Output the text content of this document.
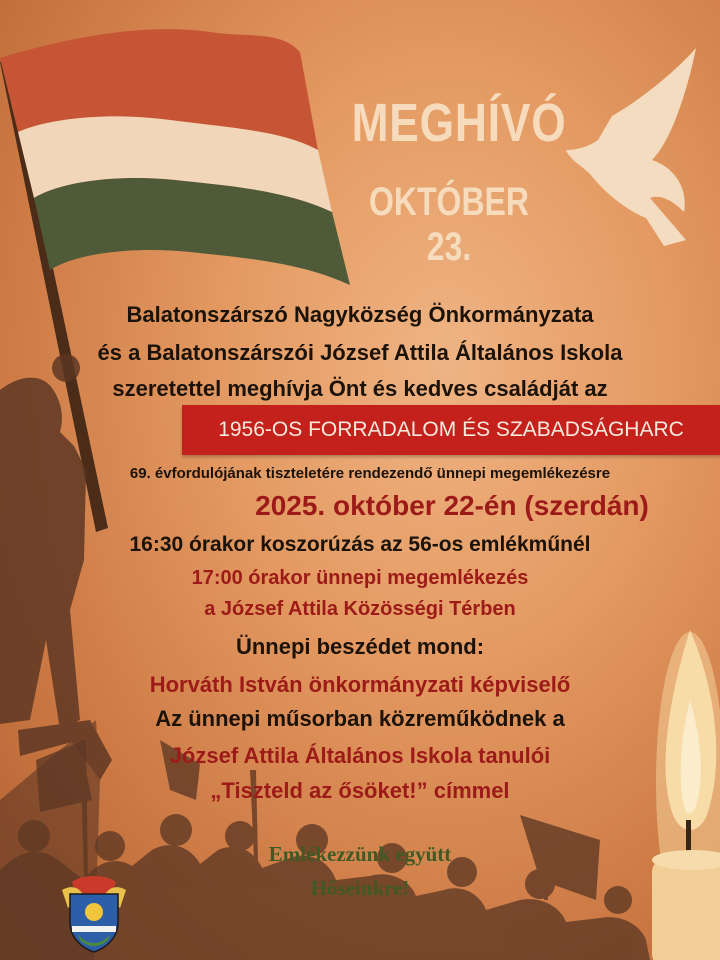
MEGHÍVÓ
OKTÓBER 23.

Balatonszárszó Nagyközség Önkormányzata

és a Balatonszárszói József Attila Általános Iskola

szeretettel meghívja Önt és kedves családját az

1956-OS FORRADALOM ÉS SZABADSÁGHARC

69. évfordulójának tiszteletére rendezendő ünnepi megemlékezésre

2025. október 22-én (szerdán)

16:30 órakor koszorúzás az 56-os emlékműnél

17:00 órakor ünnepi megemlékezés

a József Attila Közösségi Térben

Ünnepi beszédet mond:

Horváth István önkormányzati képviselő

Az ünnepi műsorban közreműködnek a

József Attila Általános Iskola tanulói

„Tiszteld az ősöket!” címmel

Emlékezzünk együtt

Hőseinkre!
